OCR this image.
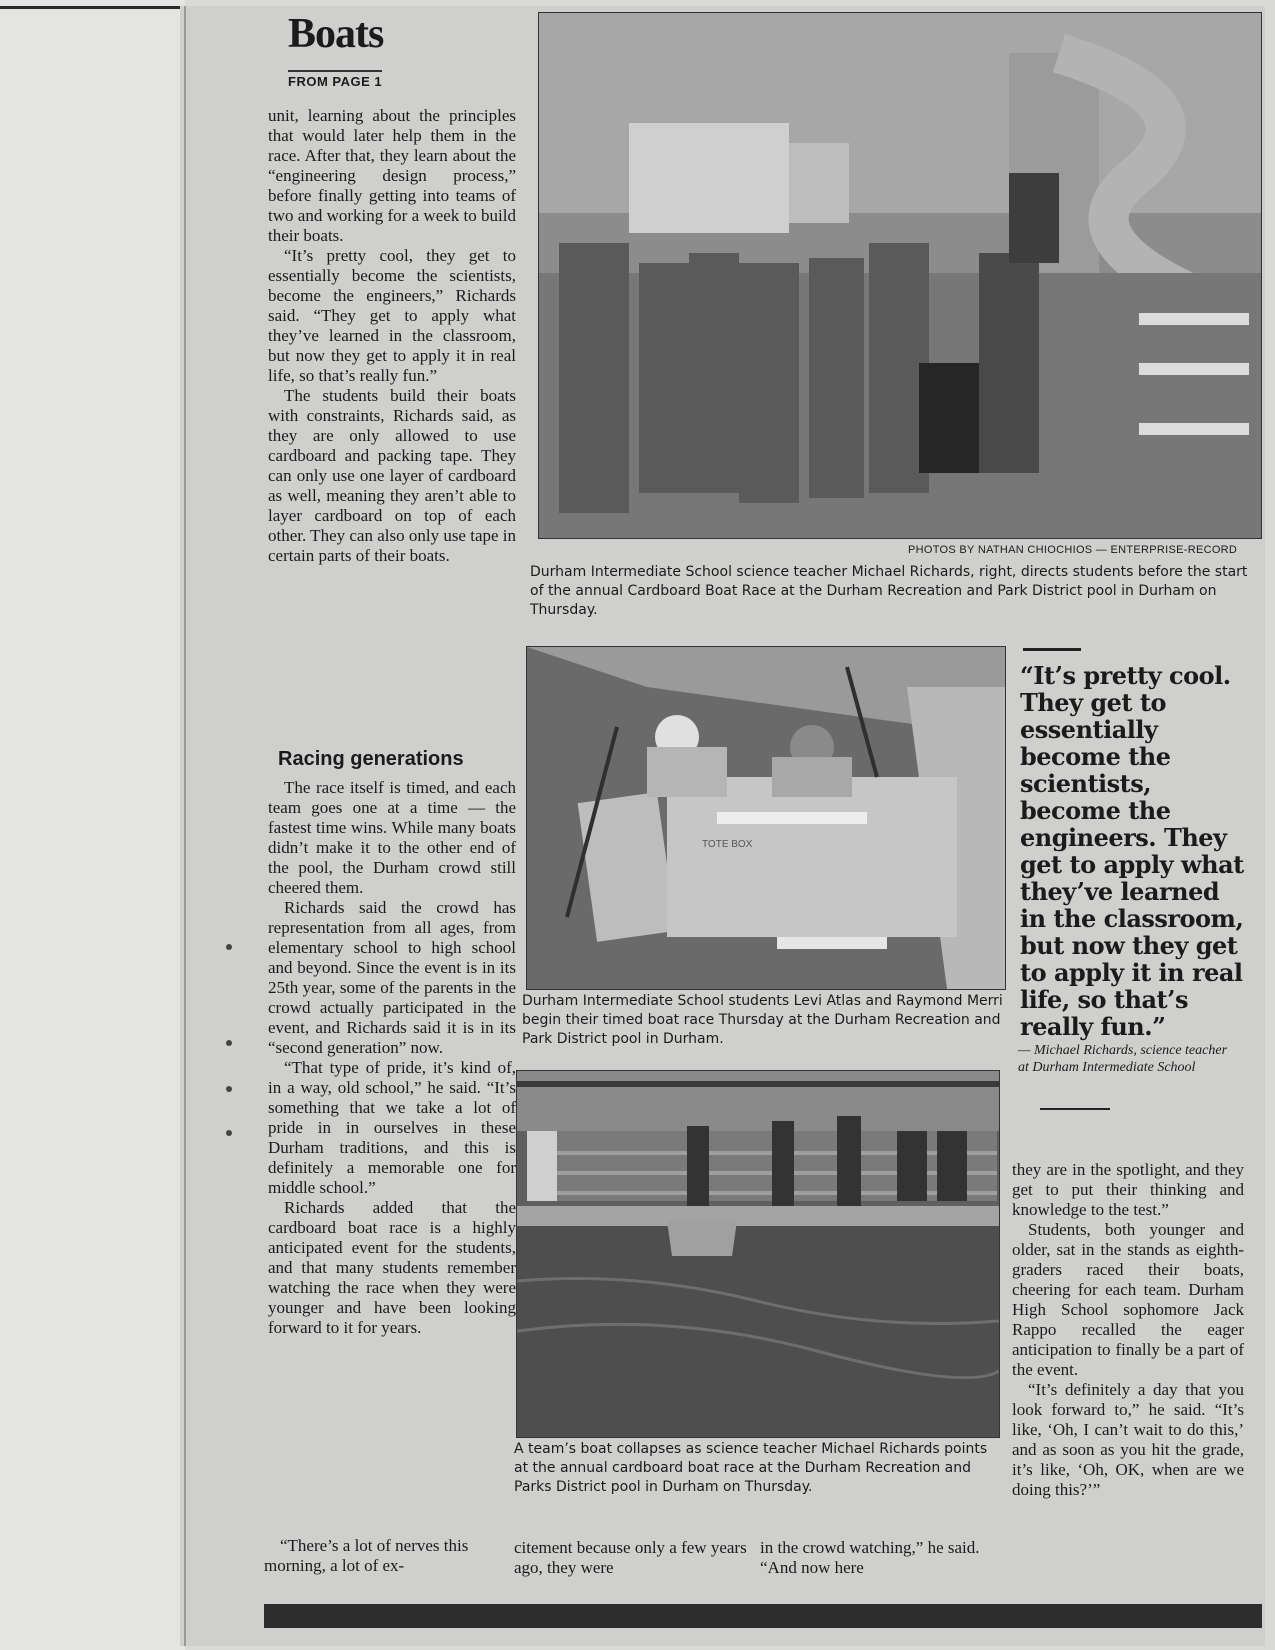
Boats
FROM PAGE 1

unit, learning about the principles that would later help them in the race. After that, they learn about the “engineering design process,” before finally getting into teams of two and working for a week to build their boats.

“It’s pretty cool, they get to essentially become the scientists, become the engineers,” Richards said. “They get to apply what they’ve learned in the classroom, but now they get to apply it in real life, so that’s really fun.”

The students build their boats with constraints, Richards said, as they are only allowed to use cardboard and packing tape. They can only use one layer of cardboard as well, meaning they aren’t able to layer cardboard on top of each other. They can also only use tape in certain parts of their boats.

Racing generations

The race itself is timed, and each team goes one at a time — the fastest time wins. While many boats didn’t make it to the other end of the pool, the Durham crowd still cheered them.

Richards said the crowd has representation from all ages, from elementary school to high school and beyond. Since the event is in its 25th year, some of the parents in the crowd actually participated in the event, and Richards said it is in its “second generation” now.

“That type of pride, it’s kind of, in a way, old school,” he said. “It’s something that we take a lot of pride in in ourselves in these Durham traditions, and this is definitely a memorable one for middle school.”

Richards added that the cardboard boat race is a highly anticipated event for the students, and that many students remember watching the race when they were younger and have been looking forward to it for years.

PHOTOS BY NATHAN CHIOCHIOS — ENTERPRISE-RECORD
Durham Intermediate School science teacher Michael Richards, right, directs students before the start of the annual Cardboard Boat Race at the Durham Recreation and Park District pool in Durham on Thursday.
TOTE BOX
Durham Intermediate School students Levi Atlas and Raymond Merri begin their timed boat race Thursday at the Durham Recreation and Park District pool in Durham.
A team’s boat collapses as science teacher Michael Richards points at the annual cardboard boat race at the Durham Recreation and Parks District pool in Durham on Thursday.
“It’s pretty cool. They get to essentially become the scientists, become the engineers. They get to apply what they’ve learned in the classroom, but now they get to apply it in real life, so that’s really fun.”
— Michael Richards, science teacher at Durham Intermediate School

they are in the spotlight, and they get to put their thinking and knowledge to the test.”

Students, both younger and older, sat in the stands as eighth-graders raced their boats, cheering for each team. Durham High School sophomore Jack Rappo recalled the eager anticipation to finally be a part of the event.

“It’s definitely a day that you look forward to,” he said. “It’s like, ‘Oh, I can’t wait to do this,’ and as soon as you hit the grade, it’s like, ‘Oh, OK, when are we doing this?’”

“There’s a lot of nerves this morning, a lot of ex-
citement because only a few years ago, they were
in the crowd watching,” he said. “And now here
